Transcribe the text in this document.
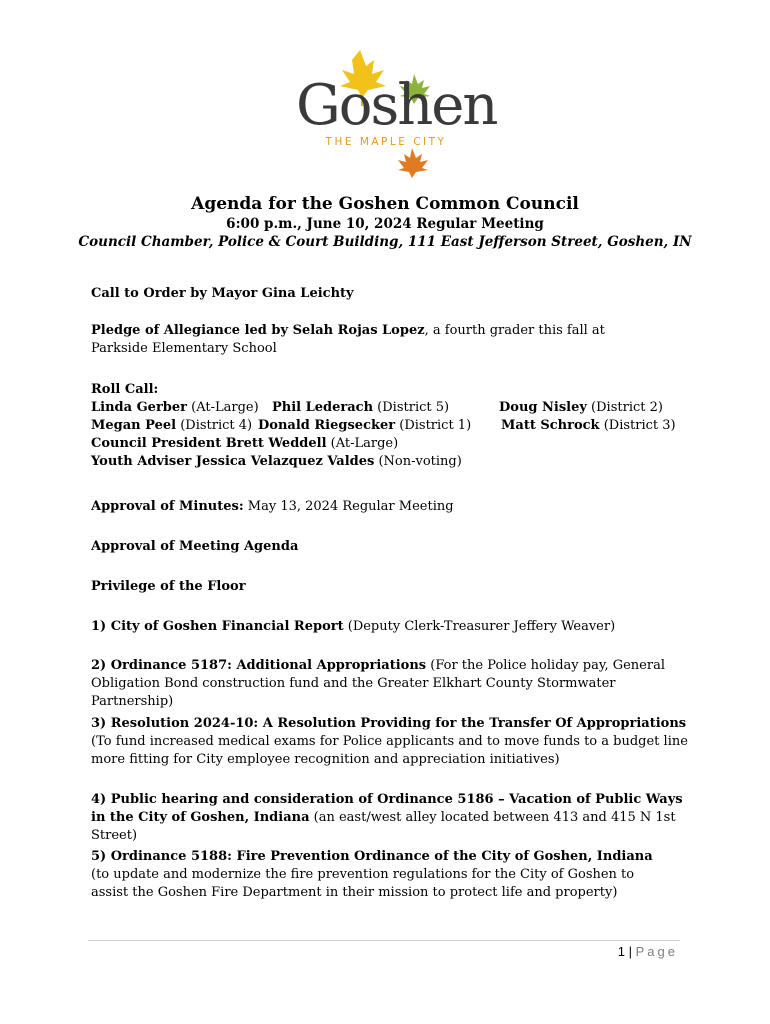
Goshen
THE MAPLE CITY
Agenda for the Goshen Common Council
6:00 p.m., June 10, 2024 Regular Meeting
Council Chamber, Police & Court Building, 111 East Jefferson Street, Goshen, IN
Call to Order by Mayor Gina Leichty
Pledge of Allegiance led by Selah Rojas Lopez, a fourth grader this fall at Parkside Elementary School
Roll Call:
Linda Gerber (At-Large) Phil Lederach (District 5)	Doug Nisley (District 2)
Megan Peel (District 4) Donald Riegsecker (District 1) Matt Schrock (District 3)
Council President Brett Weddell (At-Large)
Youth Adviser Jessica Velazquez Valdes (Non-voting)
Approval of Minutes: May 13, 2024 Regular Meeting
Approval of Meeting Agenda
Privilege of the Floor
1) City of Goshen Financial Report (Deputy Clerk-Treasurer Jeffery Weaver)
2) Ordinance 5187: Additional Appropriations (For the Police holiday pay, General Obligation Bond construction fund and the Greater Elkhart County Stormwater Partnership)
3) Resolution 2024-10: A Resolution Providing for the Transfer Of Appropriations (To fund increased medical exams for Police applicants and to move funds to a budget line more fitting for City employee recognition and appreciation initiatives)
4) Public hearing and consideration of Ordinance 5186 – Vacation of Public Ways in the City of Goshen, Indiana (an east/west alley located between 413 and 415 N 1st Street)
5) Ordinance 5188: Fire Prevention Ordinance of the City of Goshen, Indiana (to update and modernize the fire prevention regulations for the City of Goshen to assist the Goshen Fire Department in their mission to protect life and property)
1 | Page
